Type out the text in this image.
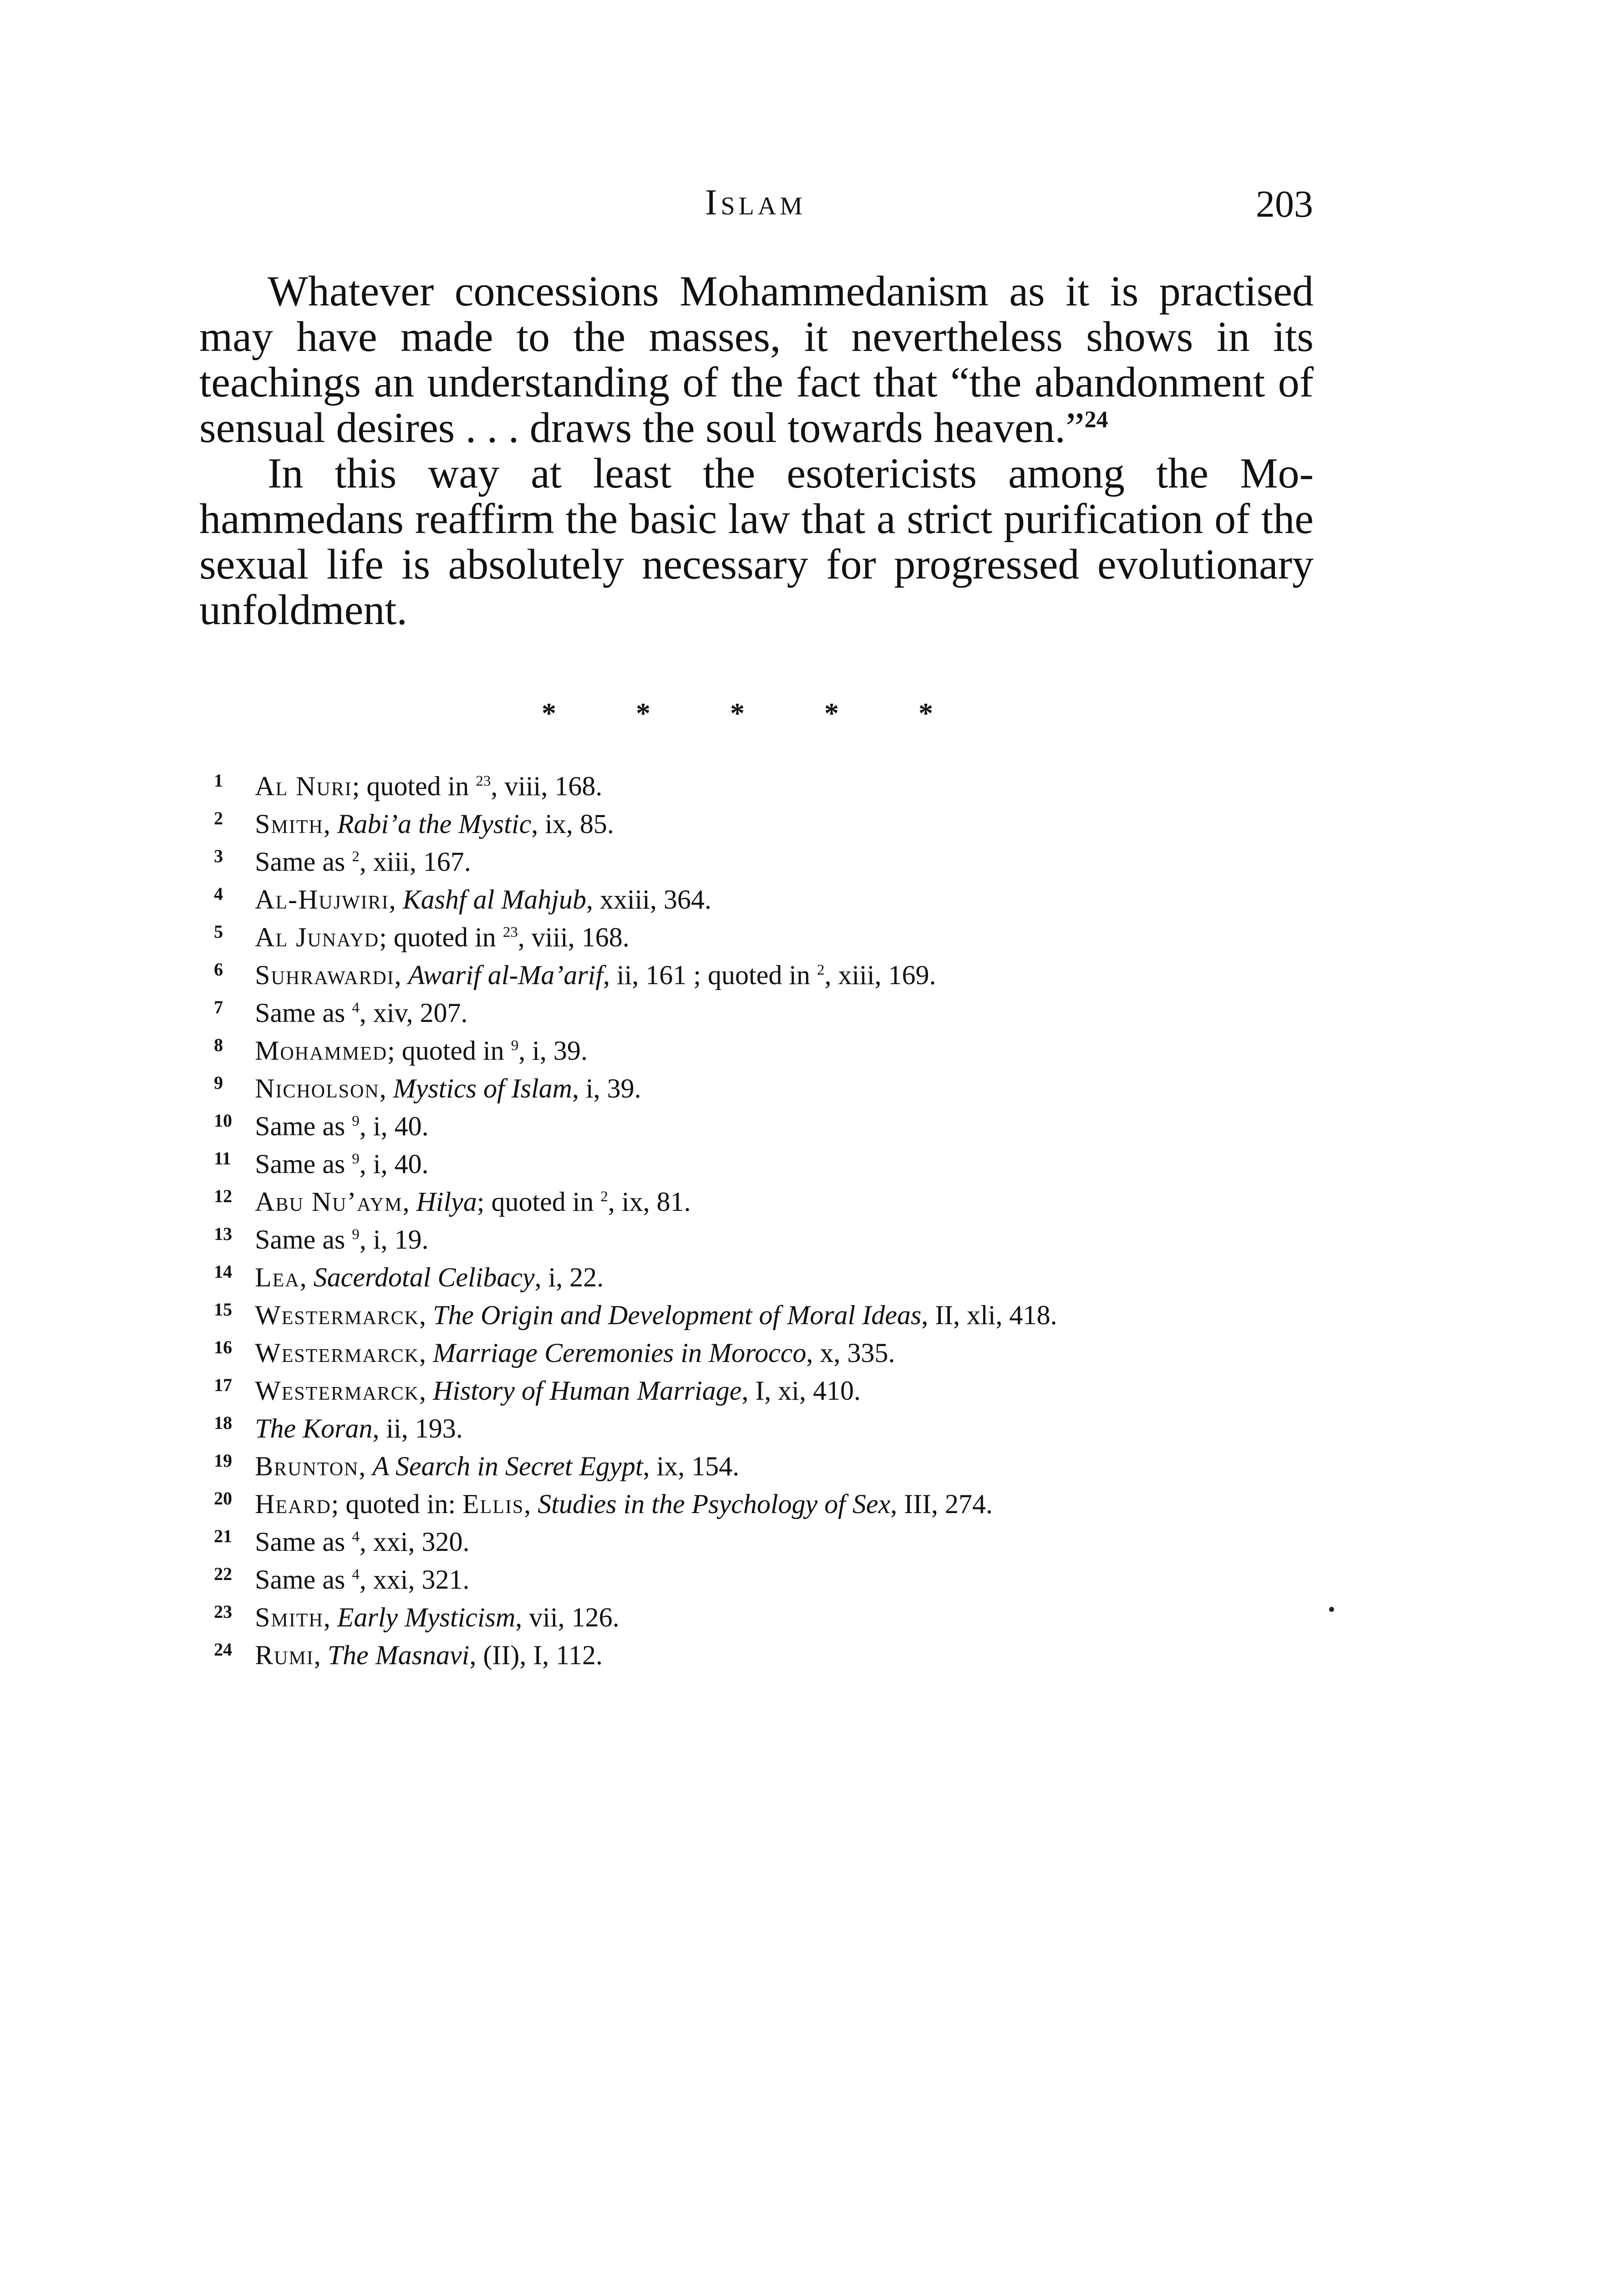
Islam	203

Whatever concessions Mohammedanism as it is practised may have made to the masses, it nevertheless shows in its teachings an understanding of the fact that “the abandonment of sensual desires . . . draws the soul towards heaven.”$^{24}$

In this way at least the esotericists among the Mohammedans reaffirm the basic law that a strict purification of the sexual life is absolutely necessary for progressed evolutionary unfoldment.

*	*	*	*	*
1 Al Nuri; quoted in $^{23}$, viii, 168.
2 Smith, Rabi’a the Mystic, ix, 85.
3 Same as $^2$, xiii, 167.
4 Al-Hujwiri, Kashf al Mahjub, xxiii, 364.
5 Al Junayd; quoted in $^{23}$, viii, 168.
6 Suhrawardi, Awarif al-Ma’arif, ii, 161 ; quoted in $^2$, xiii, 169.
7 Same as $^4$, xiv, 207.
8 Mohammed; quoted in $^9$, i, 39.
9 Nicholson, Mystics of Islam, i, 39.
10 Same as $^9$, i, 40.
11 Same as $^9$, i, 40.
12 Abu Nu’aym, Hilya; quoted in $^2$, ix, 81.
13 Same as $^9$, i, 19.
14 Lea, Sacerdotal Celibacy, i, 22.
15 Westermarck, The Origin and Development of Moral Ideas, II, xli, 418.
16 Westermarck, Marriage Ceremonies in Morocco, x, 335.
17 Westermarck, History of Human Marriage, I, xi, 410.
18 The Koran, ii, 193.
19 Brunton, A Search in Secret Egypt, ix, 154.
20 Heard; quoted in: Ellis, Studies in the Psychology of Sex, III, 274.
21 Same as $^4$, xxi, 320.
22 Same as $^4$, xxi, 321.
23 Smith, Early Mysticism, vii, 126.
24 Rumi, The Masnavi, (II), I, 112.
